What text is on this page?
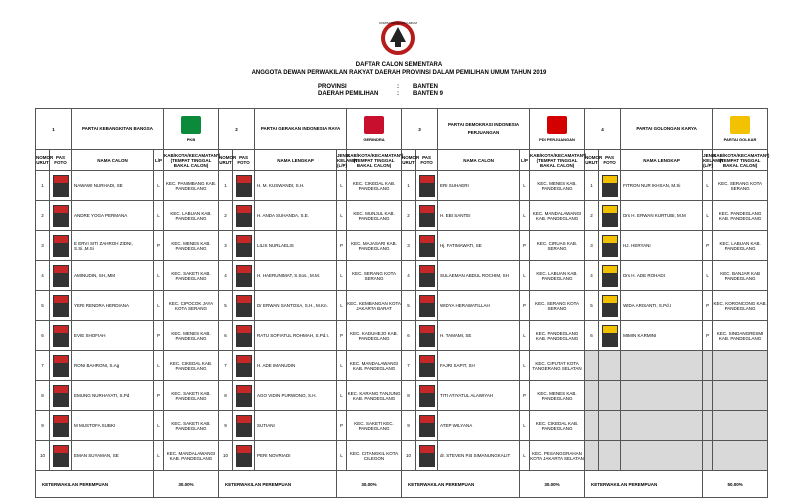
KOMISI PEMILIHAN UMUM
DAFTAR CALON SEMENTARA
ANGGOTA DEWAN PERWAKILAN RAKYAT DAERAH PROVINSI DALAM PEMILIHAN UMUM TAHUN 2019
PROVINSI	: BANTEN
DAERAH PEMILIHAN	: BANTEN 9
1		PARTAI KEBANGKITAN BANGSA		PKB	2		PARTAI GERAKAN INDONESIA RAYA		GERINDRA	3		PARTAI DEMOKRASI INDONESIA PERJUANGAN		PDI PERJUANGAN	4		PARTAI GOLONGAN KARYA		PARTAI GOLKAR

NOMOR URUT	PAS FOTO	NAMA CALON	L/P	KAB/KOTA/KECAMATAN*) (TEMPAT TINGGAL BAKAL CALON)	NOMOR URUT	PAS FOTO	NAMA LENGKAP	JENIS KELAMIN (L/P)	KAB/KOTA/KECAMATAN*) (TEMPAT TINGGAL BAKAL CALON)	NOMOR URUT	PAS FOTO	NAMA CALON	L/P	KAB/KOTA/KECAMATAN*) (TEMPAT TINGGAL BAKAL CALON)	NOMOR URUT	PAS FOTO	NAMA LENGKAP	JENIS KELAMIN (L/P)	KAB/KOTA/KECAMATAN*) (TEMPAT TINGGAL BAKAL CALON)
1		NAWAWI NURHADI, SE	L	KEC. PANIMBANG KAB. PANDEGLANG	1		H. M. KUSWANDI, S.H.	L	KEC. CIKEDAL KAB. PANDEGLANG	1		ERI SUHAERI	L	KEC. MENES KAB. PANDEGLANG	1		FITRON NUR IKHSAN, M.Si	L	KEC. SERANG KOTA SERANG
2		ANDRE YOGA PERMANA	L	KEC. LABUAN KAB. PANDEGLANG	2		H. ANDA SUHANDA, S.E.	L	KEC. MUNJUL KAB. PANDEGLANG	2		H. EBI SANTEI	L	KEC. MANDALAWANGI KAB. PANDEGLANG	2		Drs H. ERWAN KURTUBI, M.M	L	KEC. PANDEGLANG KAB. PANDEGLANG
3		E ERVI SITI ZAHROH ZIDNI, S.Si.,M.Si	P	KEC. MENES KAB. PANDEGLANG	3		LILIS NURLAELIS	P	KEC. MAJASARI KAB. PANDEGLANG	3		Hj. FATIMAWATI, SE	P	KEC. CIRUAS KAB. SERANG	3		HJ. HERYANI	P	KEC. LABUAN KAB. PANDEGLANG
4		AMINUDIN, SH.,MM	L	KEC. SAKETI KAB. PANDEGLANG	4		H. HAERUNIMAT, S.Sos., M.M.	L	KEC. SERANG KOTA SERANG	4		SULAEMAN ABDUL ROCHIM, SH	L	KEC. LABUAN KAB. PANDEGLANG	4		Drs H. ADE ROHADI	L	KEC. BANJAR KAB PANDEGLANG
5		YERI RENDRA HERDIANA	L	KEC. CIPOCOK JAYA KOTA SERANG	5		Dr ERWAN SANTOSA, S.H., M.Kn.	L	KEC. KEMBANGAN KOTA JAKARTA BARAT	5		WIDYA HERAWATILLAH	P	KEC. SERANG KOTA SERANG	5		WIDA ARISANTI, S.Pd.I	P	KEC. KORONCONG KAB. PANDEGLANG
6		EVIE SHOFIAH	P	KEC. MENES KAB. PANDEGLANG	6		RATU SOFIATUL ROHMAH, S.Pd.I.	P	KEC. KADUHEJO KAB. PANDEGLANG	6		H. TAMAMI, SE	L	KEC. PANDEGLANG KAB. PANDEGLANG	6		MIMIN KARMINI	P	KEC. SINDANGRESMI KAB. PANDEGLANG
7		RONI BAHRONI, S.Ag	L	KEC. CIKEDAL KAB. PANDEGLANG	7		H. ADE IMANUDIN	L	KEC. MANDALAWANGI KAB. PANDEGLANG	7		FAJRI SAPIT, SH	L	KEC. CIPUTAT KOTA TANGERANG SELATAN					
8		EMUNG NURHAYATI, S.Pd	P	KEC. SAKETI KAB. PANDEGLANG	8		AGO VIDIN PURWONO, S.H.	L	KEC. KARANG TANJUNG KAB. PANDEGLANG	8		TITI ATIYATUL ALAWIYAH	P	KEC. MENES KAB. PANDEGLANG					
9		M MUSTOFA SUBKI	L	KEC. SAKETI KAB. PANDEGLANG	9		SUTIANI	P	KEC. SAKETI KEC. PANDEGLANG	9		ATEP WILYANA	L	KEC. CIKEDAL KAB. PANDEGLANG					
10		EMAN SUYAMAN, SE	L	KEC. MANDALAWANGI KAB. PANDEGLANG	10		PERI NOVRIADI	L	KEC. CITANGKIL KOTA CILEGON	10		dr. STEVEN P.B SIMANUNGKALIT	L	KEC. PESANGGRAHAN KOTA JAKARTA SELATAN					
KETERWAKILAN PEREMPUAN			30.00%		KETERWAKILAN PEREMPUAN			30.00%		KETERWAKILAN PEREMPUAN			30.00%		KETERWAKILAN PEREMPUAN			50.00%	
